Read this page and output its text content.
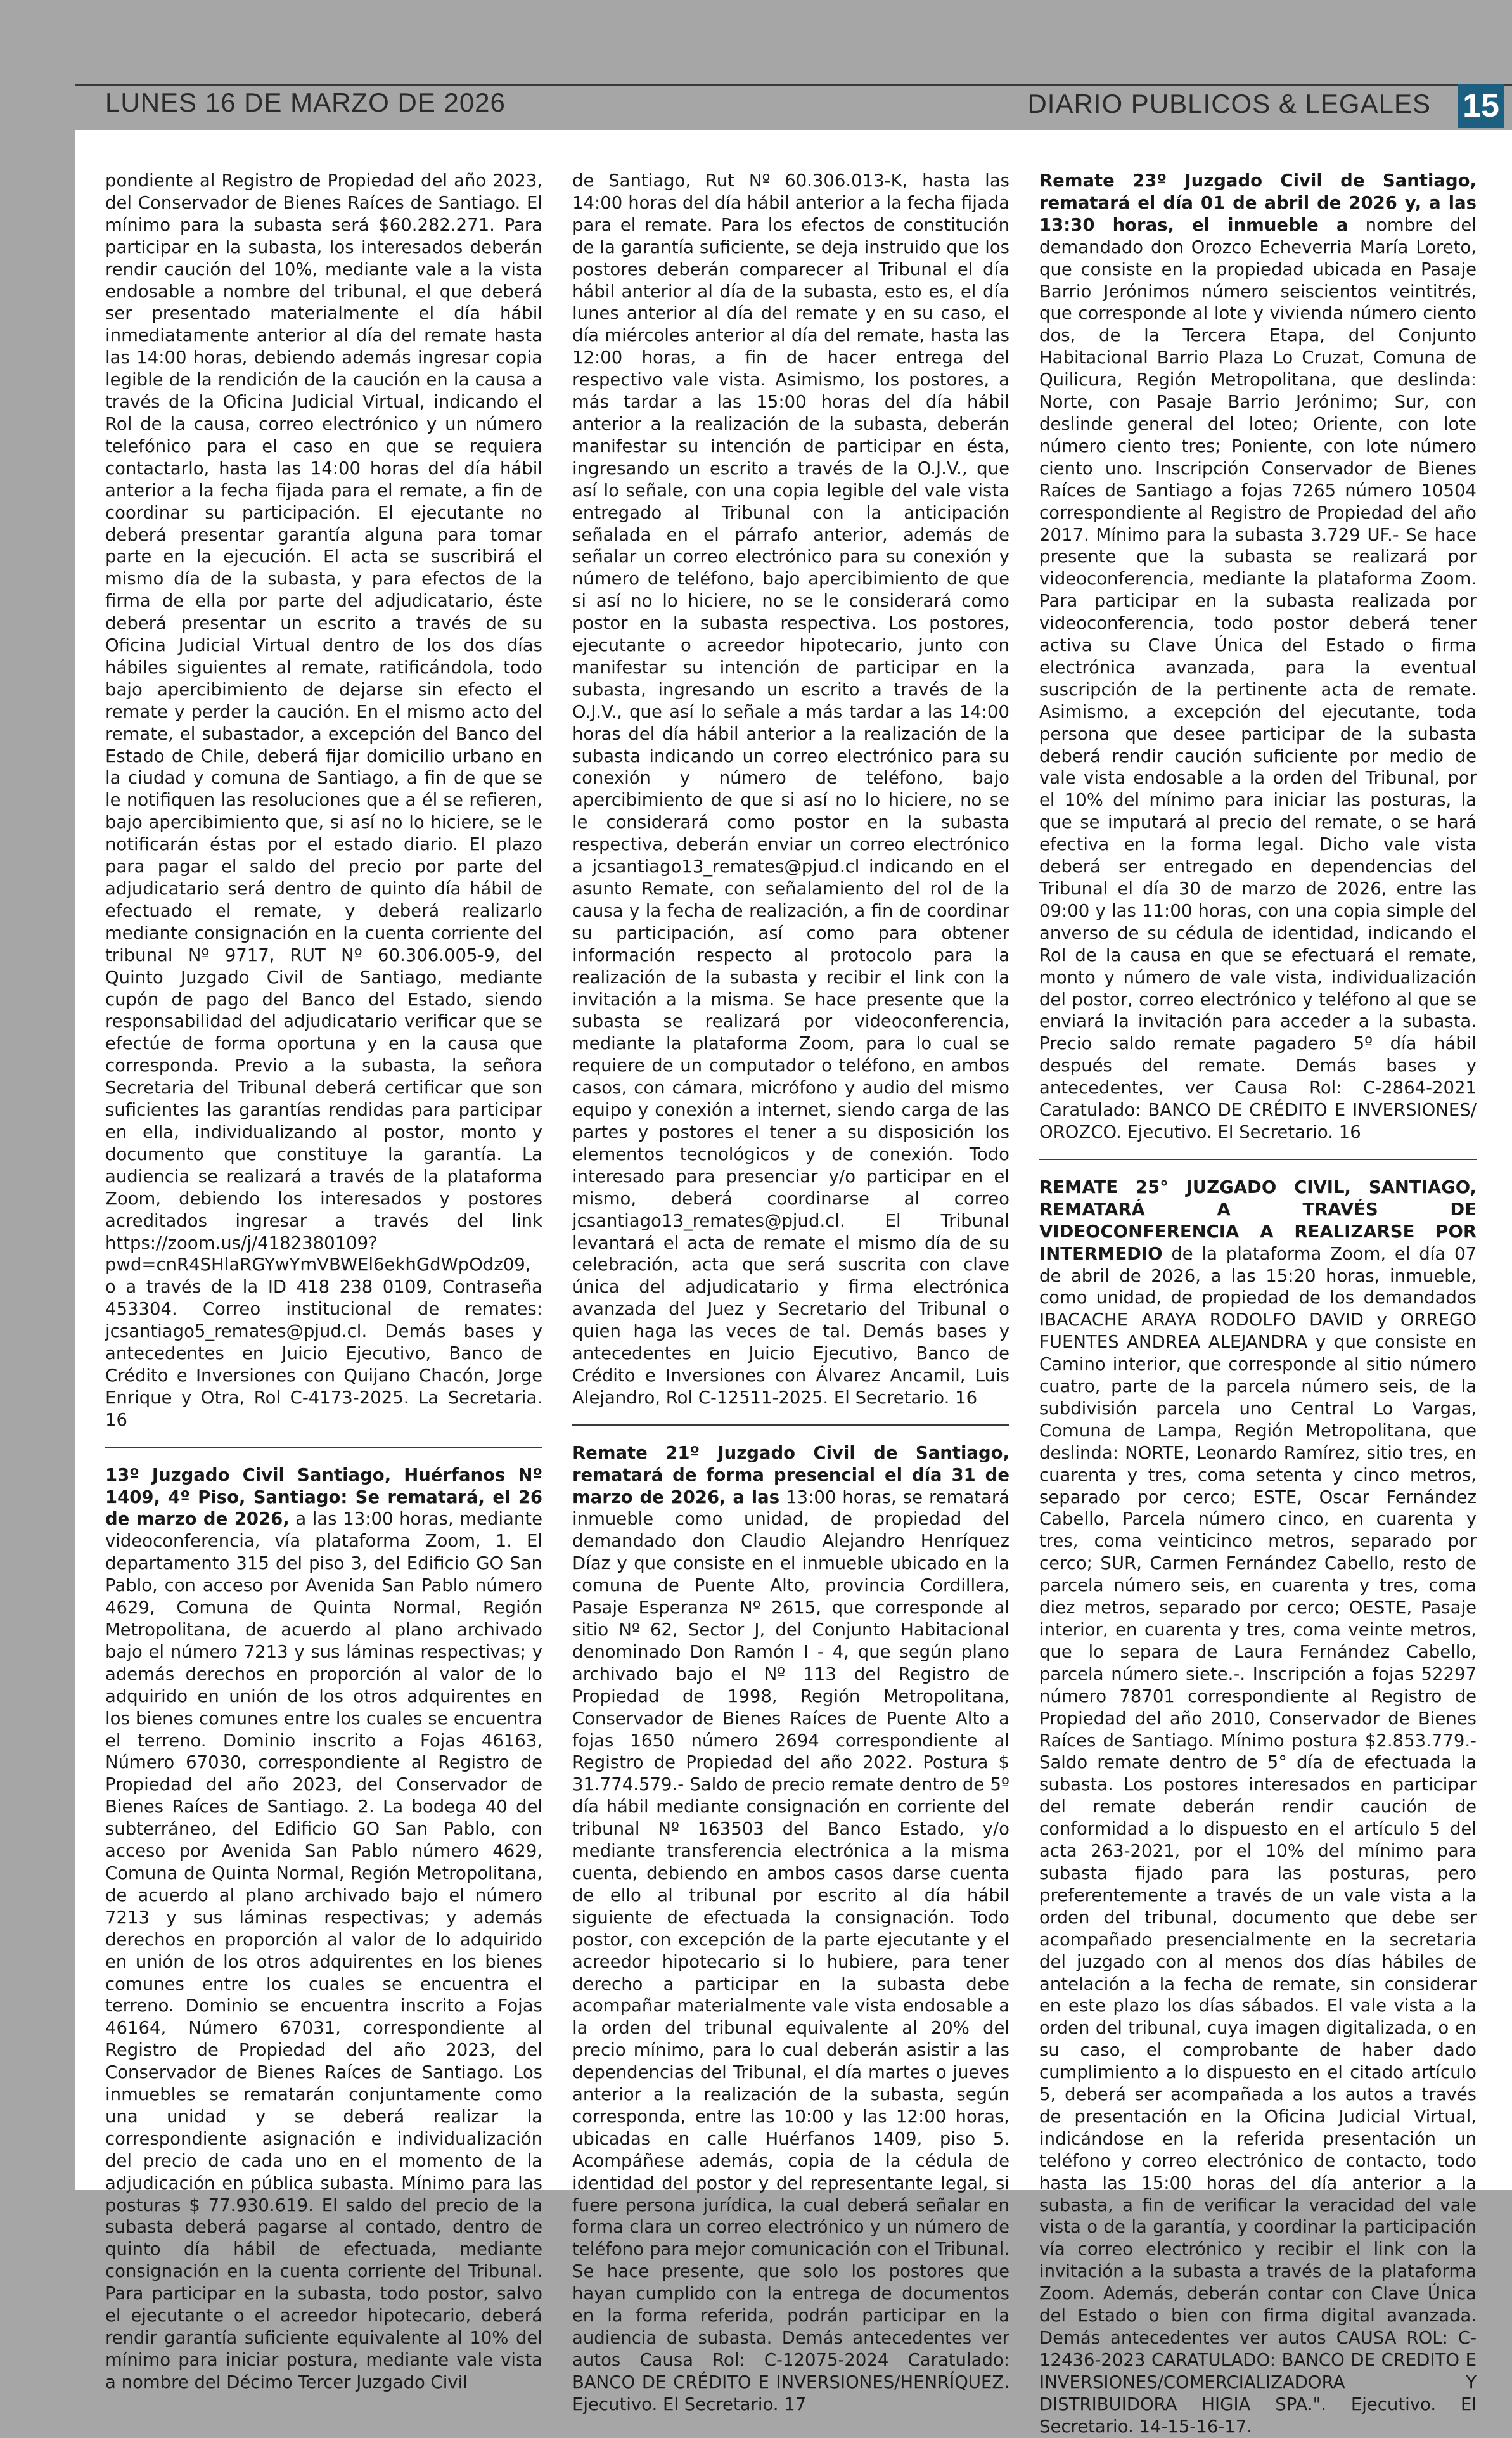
LUNES 16 DE MARZO DE 2026	DIARIO PUBLICOS & LEGALES 15

pondiente al Registro de Propiedad del año 2023, del Conservador de Bienes Raíces de Santiago. El mínimo para la subasta será $60.282.271. Para participar en la subasta, los interesados deberán rendir caución del 10%, mediante vale a la vista endosable a nombre del tribunal, el que deberá ser presentado materialmente el día hábil inmediatamente anterior al día del remate hasta las 14:00 horas, debiendo además ingresar copia legible de la rendición de la caución en la causa a través de la Oficina Judicial Virtual, indicando el Rol de la causa, correo electrónico y un número telefónico para el caso en que se requiera contactarlo, hasta las 14:00 horas del día hábil anterior a la fecha fijada para el remate, a fin de coordinar su participación. El ejecutante no deberá presentar garantía alguna para tomar parte en la ejecución. El acta se suscribirá el mismo día de la subasta, y para efectos de la firma de ella por parte del adjudicatario, éste deberá presentar un escrito a través de su Oficina Judicial Virtual dentro de los dos días hábiles siguientes al remate, ratificándola, todo bajo apercibimiento de dejarse sin efecto el remate y perder la caución. En el mismo acto del remate, el subastador, a excepción del Banco del Estado de Chile, deberá fijar domicilio urbano en la ciudad y comuna de Santiago, a fin de que se le notifiquen las resoluciones que a él se refieren, bajo apercibimiento que, si así no lo hiciere, se le notificarán éstas por el estado diario. El plazo para pagar el saldo del precio por parte del adjudicatario será dentro de quinto día hábil de efectuado el remate, y deberá realizarlo mediante consignación en la cuenta corriente del tribunal Nº 9717, RUT Nº 60.306.005-9, del Quinto Juzgado Civil de Santiago, mediante cupón de pago del Banco del Estado, siendo responsabilidad del adjudicatario verificar que se efectúe de forma oportuna y en la causa que corresponda. Previo a la subasta, la señora Secretaria del Tribunal deberá certificar que son suficientes las garantías rendidas para participar en ella, individualizando al postor, monto y documento que constituye la garantía. La audiencia se realizará a través de la plataforma Zoom, debiendo los interesados y postores acreditados ingresar a través del link https://zoom.us/j/4182380109?pwd=cnR4SHlaRGYwYmVBWEl6ekhGdWpOdz09, o a través de la ID 418 238 0109, Contraseña 453304. Correo institucional de remates: jcsantiago5_remates@pjud.cl. Demás bases y antecedentes en Juicio Ejecutivo, Banco de Crédito e Inversiones con Quijano Chacón, Jorge Enrique y Otra, Rol C-4173-2025. La Secretaria. 16

13º Juzgado Civil Santiago, Huérfanos Nº 1409, 4º Piso, Santiago: Se rematará, el 26 de marzo de 2026, a las 13:00 horas, mediante videoconferencia, vía plataforma Zoom, 1. El departamento 315 del piso 3, del Edificio GO San Pablo, con acceso por Avenida San Pablo número 4629, Comuna de Quinta Normal, Región Metropolitana, de acuerdo al plano archivado bajo el número 7213 y sus láminas respectivas; y además derechos en proporción al valor de lo adquirido en unión de los otros adquirentes en los bienes comunes entre los cuales se encuentra el terreno. Dominio inscrito a Fojas 46163, Número 67030, correspondiente al Registro de Propiedad del año 2023, del Conservador de Bienes Raíces de Santiago. 2. La bodega 40 del subterráneo, del Edificio GO San Pablo, con acceso por Avenida San Pablo número 4629, Comuna de Quinta Normal, Región Metropolitana, de acuerdo al plano archivado bajo el número 7213 y sus láminas respectivas; y además derechos en proporción al valor de lo adquirido en unión de los otros adquirentes en los bienes comunes entre los cuales se encuentra el terreno. Dominio se encuentra inscrito a Fojas 46164, Número 67031, correspondiente al Registro de Propiedad del año 2023, del Conservador de Bienes Raíces de Santiago. Los inmuebles se rematarán conjuntamente como una unidad y se deberá realizar la correspondiente asignación e individualización del precio de cada uno en el momento de la adjudicación en pública subasta. Mínimo para las posturas $ 77.930.619. El saldo del precio de la subasta deberá pagarse al contado, dentro de quinto día hábil de efectuada, mediante consignación en la cuenta corriente del Tribunal. Para participar en la subasta, todo postor, salvo el ejecutante o el acreedor hipotecario, deberá rendir garantía suficiente equivalente al 10% del mínimo para iniciar postura, mediante vale vista a nombre del Décimo Tercer Juzgado Civil

de Santiago, Rut Nº 60.306.013-K, hasta las 14:00 horas del día hábil anterior a la fecha fijada para el remate. Para los efectos de constitución de la garantía suficiente, se deja instruido que los postores deberán comparecer al Tribunal el día hábil anterior al día de la subasta, esto es, el día lunes anterior al día del remate y en su caso, el día miércoles anterior al día del remate, hasta las 12:00 horas, a fin de hacer entrega del respectivo vale vista. Asimismo, los postores, a más tardar a las 15:00 horas del día hábil anterior a la realización de la subasta, deberán manifestar su intención de participar en ésta, ingresando un escrito a través de la O.J.V., que así lo señale, con una copia legible del vale vista entregado al Tribunal con la anticipación señalada en el párrafo anterior, además de señalar un correo electrónico para su conexión y número de teléfono, bajo apercibimiento de que si así no lo hiciere, no se le considerará como postor en la subasta respectiva. Los postores, ejecutante o acreedor hipotecario, junto con manifestar su intención de participar en la subasta, ingresando un escrito a través de la O.J.V., que así lo señale a más tardar a las 14:00 horas del día hábil anterior a la realización de la subasta indicando un correo electrónico para su conexión y número de teléfono, bajo apercibimiento de que si así no lo hiciere, no se le considerará como postor en la subasta respectiva, deberán enviar un correo electrónico a jcsantiago13_remates@pjud.cl indicando en el asunto Remate, con señalamiento del rol de la causa y la fecha de realización, a fin de coordinar su participación, así como para obtener información respecto al protocolo para la realización de la subasta y recibir el link con la invitación a la misma. Se hace presente que la subasta se realizará por videoconferencia, mediante la plataforma Zoom, para lo cual se requiere de un computador o teléfono, en ambos casos, con cámara, micrófono y audio del mismo equipo y conexión a internet, siendo carga de las partes y postores el tener a su disposición los elementos tecnológicos y de conexión. Todo interesado para presenciar y/o participar en el mismo, deberá coordinarse al correo jcsantiago13_remates@pjud.cl. El Tribunal levantará el acta de remate el mismo día de su celebración, acta que será suscrita con clave única del adjudicatario y firma electrónica avanzada del Juez y Secretario del Tribunal o quien haga las veces de tal. Demás bases y antecedentes en Juicio Ejecutivo, Banco de Crédito e Inversiones con Álvarez Ancamil, Luis Alejandro, Rol C-12511-2025. El Secretario. 16

Remate 21º Juzgado Civil de Santiago, rematará de forma presencial el día 31 de marzo de 2026, a las 13:00 horas, se rematará inmueble como unidad, de propiedad del demandado don Claudio Alejandro Henríquez Díaz y que consiste en el inmueble ubicado en la comuna de Puente Alto, provincia Cordillera, Pasaje Esperanza Nº 2615, que corresponde al sitio Nº 62, Sector J, del Conjunto Habitacional denominado Don Ramón I - 4, que según plano archivado bajo el Nº 113 del Registro de Propiedad de 1998, Región Metropolitana, Conservador de Bienes Raíces de Puente Alto a fojas 1650 número 2694 correspondiente al Registro de Propiedad del año 2022. Postura $ 31.774.579.- Saldo de precio remate dentro de 5º día hábil mediante consignación en corriente del tribunal Nº 163503 del Banco Estado, y/o mediante transferencia electrónica a la misma cuenta, debiendo en ambos casos darse cuenta de ello al tribunal por escrito al día hábil siguiente de efectuada la consignación. Todo postor, con excepción de la parte ejecutante y el acreedor hipotecario si lo hubiere, para tener derecho a participar en la subasta debe acompañar materialmente vale vista endosable a la orden del tribunal equivalente al 20% del precio mínimo, para lo cual deberán asistir a las dependencias del Tribunal, el día martes o jueves anterior a la realización de la subasta, según corresponda, entre las 10:00 y las 12:00 horas, ubicadas en calle Huérfanos 1409, piso 5. Acompáñese además, copia de la cédula de identidad del postor y del representante legal, si fuere persona jurídica, la cual deberá señalar en forma clara un correo electrónico y un número de teléfono para mejor comunicación con el Tribunal. Se hace presente, que solo los postores que hayan cumplido con la entrega de documentos en la forma referida, podrán participar en la audiencia de subasta. Demás antecedentes ver autos Causa Rol: C-12075-2024 Caratulado: BANCO DE CRÉDITO E INVERSIONES/HENRÍQUEZ. Ejecutivo. El Secretario. 17

Remate 23º Juzgado Civil de Santiago, rematará el día 01 de abril de 2026 y, a las 13:30 horas, el inmueble a nombre del demandado don Orozco Echeverria María Loreto, que consiste en la propiedad ubicada en Pasaje Barrio Jerónimos número seiscientos veintitrés, que corresponde al lote y vivienda número ciento dos, de la Tercera Etapa, del Conjunto Habitacional Barrio Plaza Lo Cruzat, Comuna de Quilicura, Región Metropolitana, que deslinda: Norte, con Pasaje Barrio Jerónimo; Sur, con deslinde general del loteo; Oriente, con lote número ciento tres; Poniente, con lote número ciento uno. Inscripción Conservador de Bienes Raíces de Santiago a fojas 7265 número 10504 correspondiente al Registro de Propiedad del año 2017. Mínimo para la subasta 3.729 UF.- Se hace presente que la subasta se realizará por videoconferencia, mediante la plataforma Zoom. Para participar en la subasta realizada por videoconferencia, todo postor deberá tener activa su Clave Única del Estado o firma electrónica avanzada, para la eventual suscripción de la pertinente acta de remate. Asimismo, a excepción del ejecutante, toda persona que desee participar de la subasta deberá rendir caución suficiente por medio de vale vista endosable a la orden del Tribunal, por el 10% del mínimo para iniciar las posturas, la que se imputará al precio del remate, o se hará efectiva en la forma legal. Dicho vale vista deberá ser entregado en dependencias del Tribunal el día 30 de marzo de 2026, entre las 09:00 y las 11:00 horas, con una copia simple del anverso de su cédula de identidad, indicando el Rol de la causa en que se efectuará el remate, monto y número de vale vista, individualización del postor, correo electrónico y teléfono al que se enviará la invitación para acceder a la subasta. Precio saldo remate pagadero 5º día hábil después del remate. Demás bases y antecedentes, ver Causa Rol: C-2864-2021 Caratulado: BANCO DE CRÉDITO E INVERSIONES/ OROZCO. Ejecutivo. El Secretario. 16

REMATE 25° JUZGADO CIVIL, SANTIAGO, REMATARÁ A TRAVÉS DE VIDEOCONFERENCIA A REALIZARSE POR INTERMEDIO de la plataforma Zoom, el día 07 de abril de 2026, a las 15:20 horas, inmueble, como unidad, de propiedad de los demandados IBACACHE ARAYA RODOLFO DAVID y ORREGO FUENTES ANDREA ALEJANDRA y que consiste en Camino interior, que corresponde al sitio número cuatro, parte de la parcela número seis, de la subdivisión parcela uno Central Lo Vargas, Comuna de Lampa, Región Metropolitana, que deslinda: NORTE, Leonardo Ramírez, sitio tres, en cuarenta y tres, coma setenta y cinco metros, separado por cerco; ESTE, Oscar Fernández Cabello, Parcela número cinco, en cuarenta y tres, coma veinticinco metros, separado por cerco; SUR, Carmen Fernández Cabello, resto de parcela número seis, en cuarenta y tres, coma diez metros, separado por cerco; OESTE, Pasaje interior, en cuarenta y tres, coma veinte metros, que lo separa de Laura Fernández Cabello, parcela número siete.-. Inscripción a fojas 52297 número 78701 correspondiente al Registro de Propiedad del año 2010, Conservador de Bienes Raíces de Santiago. Mínimo postura $2.853.779.- Saldo remate dentro de 5° día de efectuada la subasta. Los postores interesados en participar del remate deberán rendir caución de conformidad a lo dispuesto en el artículo 5 del acta 263-2021, por el 10% del mínimo para subasta fijado para las posturas, pero preferentemente a través de un vale vista a la orden del tribunal, documento que debe ser acompañado presencialmente en la secretaria del juzgado con al menos dos días hábiles de antelación a la fecha de remate, sin considerar en este plazo los días sábados. El vale vista a la orden del tribunal, cuya imagen digitalizada, o en su caso, el comprobante de haber dado cumplimiento a lo dispuesto en el citado artículo 5, deberá ser acompañada a los autos a través de presentación en la Oficina Judicial Virtual, indicándose en la referida presentación un teléfono y correo electrónico de contacto, todo hasta las 15:00 horas del día anterior a la subasta, a fin de verificar la veracidad del vale vista o de la garantía, y coordinar la participación vía correo electrónico y recibir el link con la invitación a la subasta a través de la plataforma Zoom. Además, deberán contar con Clave Única del Estado o bien con firma digital avanzada. Demás antecedentes ver autos CAUSA ROL: C-12436-2023 CARATULADO: BANCO DE CREDITO E INVERSIONES/COMERCIALIZADORA Y DISTRIBUIDORA HIGIA SPA.". Ejecutivo. El Secretario. 14-15-16-17.
